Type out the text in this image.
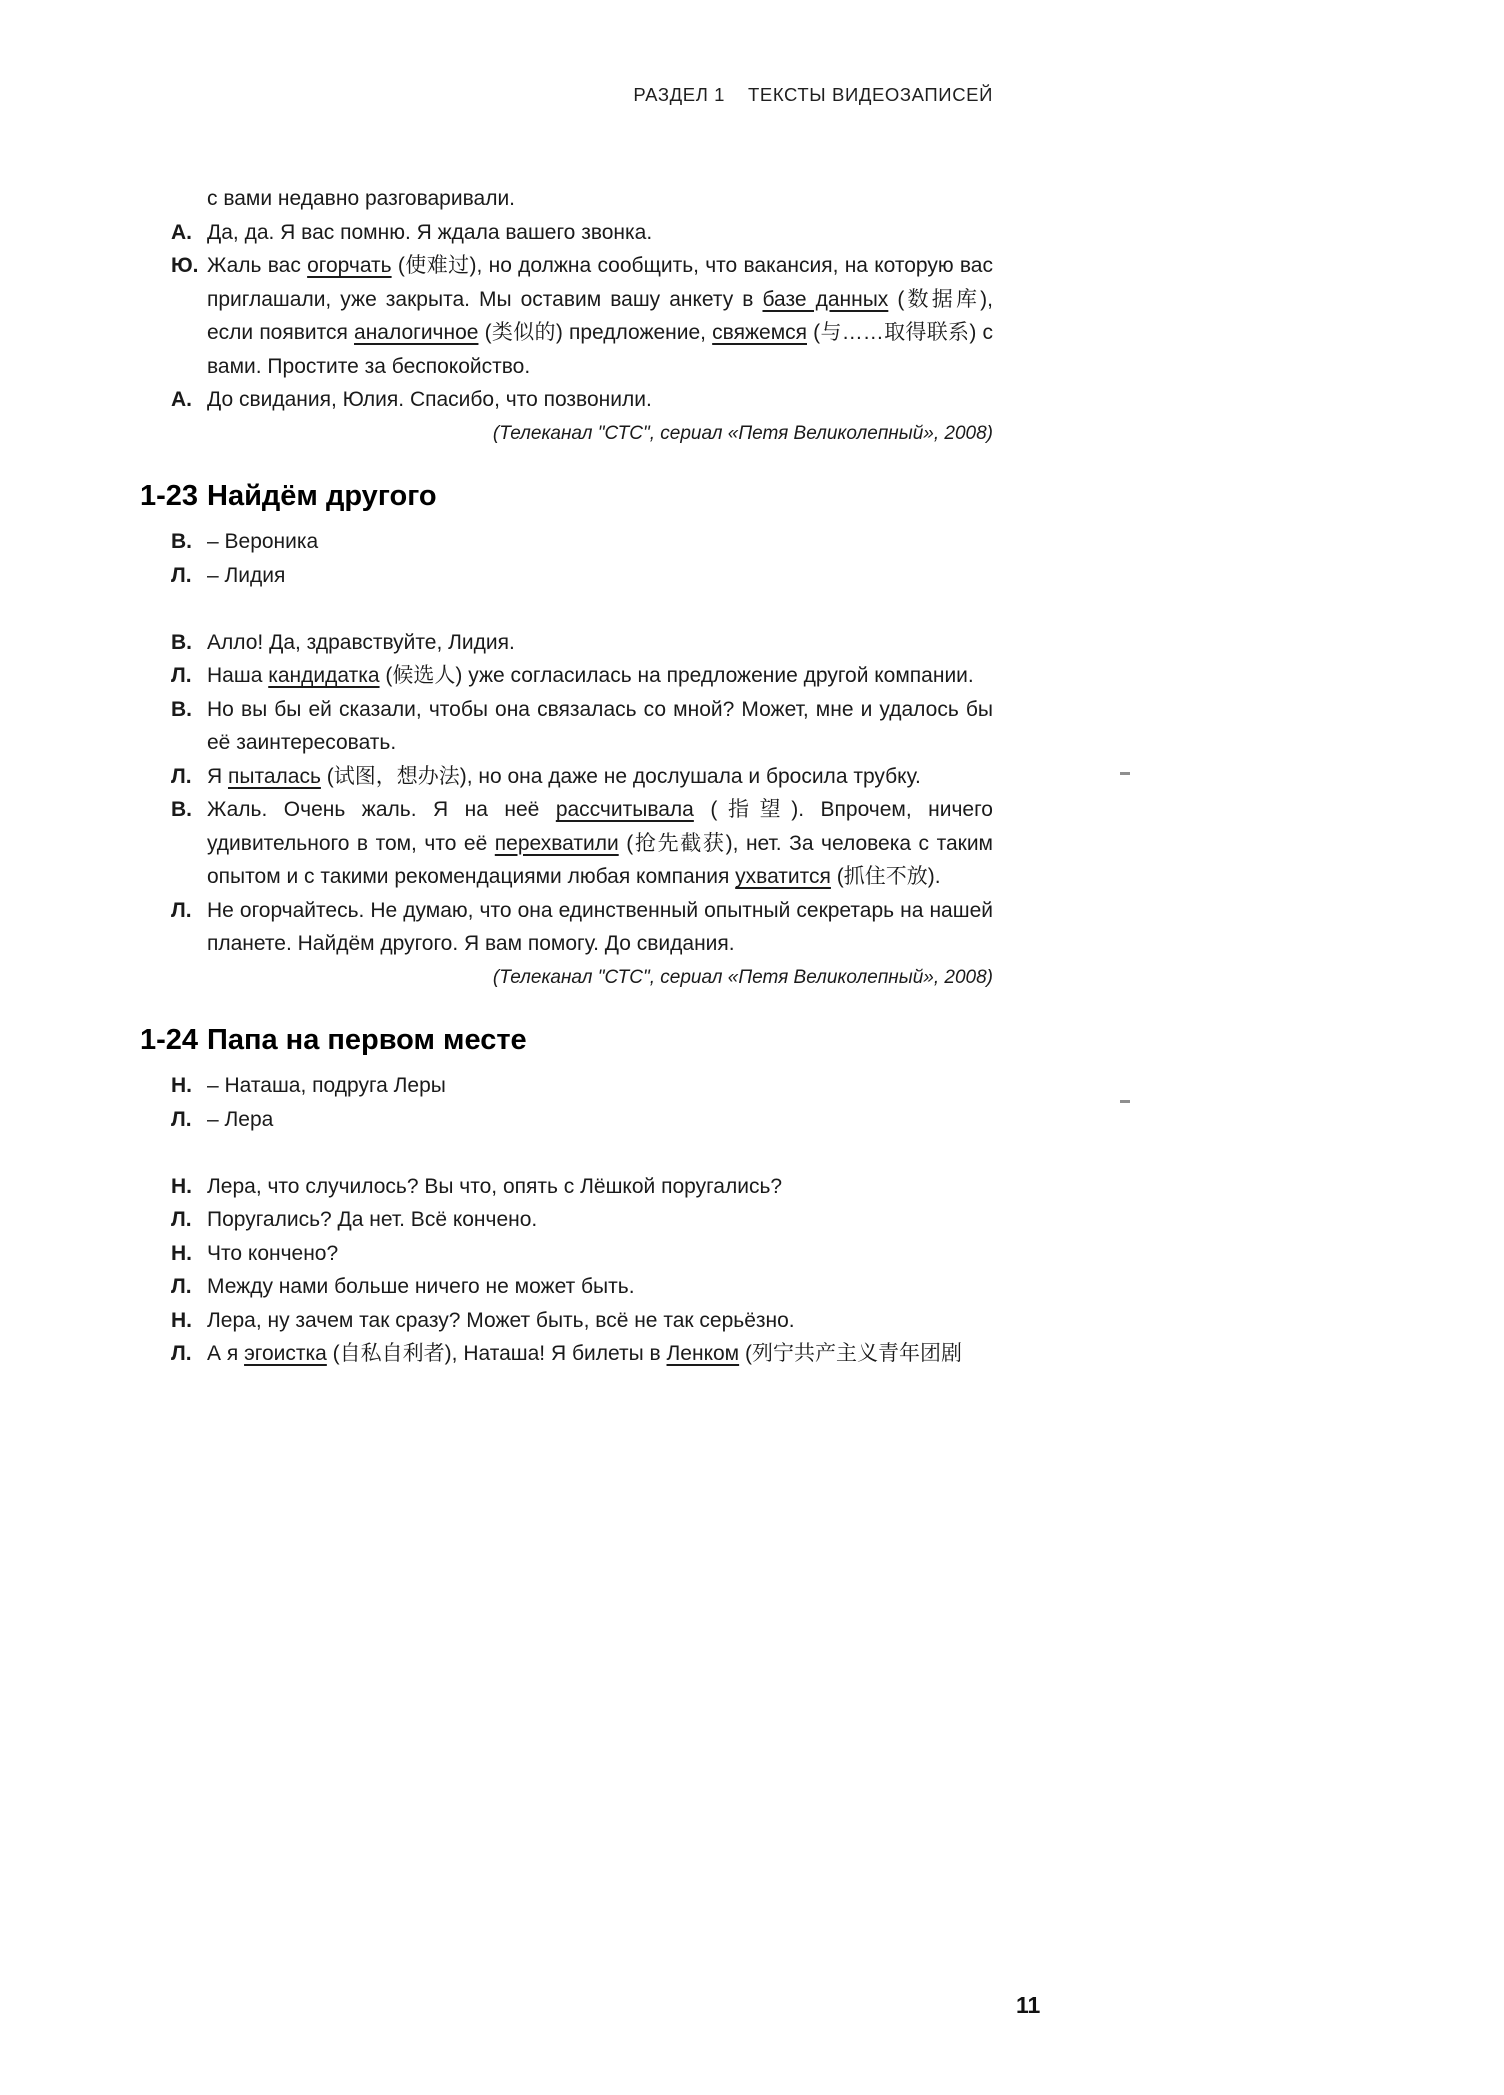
РАЗДЕЛ 1    ТЕКСТЫ ВИДЕОЗАПИСЕЙ
с вами недавно разговаривали.
А. Да, да. Я вас помню. Я ждала вашего звонка.
Ю. Жаль вас огорчать (使难过), но должна сообщить, что вакансия, на которую вас приглашали, уже закрыта. Мы оставим вашу анкету в базе данных (数据库), если появится аналогичное (类似的) предложение, свяжемся (与……取得联系) с вами. Простите за беспокойство.
А. До свидания, Юлия. Спасибо, что позвонили.
(Телеканал "СТС", сериал «Петя Великолепный», 2008)
1-23 Найдём другого
В. – Вероника
Л. – Лидия
В. Алло! Да, здравствуйте, Лидия.
Л. Наша кандидатка (候选人) уже согласилась на предложение другой компании.
В. Но вы бы ей сказали, чтобы она связалась со мной? Может, мне и удалось бы её заинтересовать.
Л. Я пыталась (试图，想办法), но она даже не дослушала и бросила трубку.
В. Жаль. Очень жаль. Я на неё рассчитывала (指望). Впрочем, ничего удивительного в том, что её перехватили (抢先截获), нет. За человека с таким опытом и с такими рекомендациями любая компания ухватится (抓住不放).
Л. Не огорчайтесь. Не думаю, что она единственный опытный секретарь на нашей планете. Найдём другого. Я вам помогу. До свидания.
(Телеканал "СТС", сериал «Петя Великолепный», 2008)
1-24 Папа на первом месте
Н. – Наташа, подруга Леры
Л. – Лера
Н. Лера, что случилось? Вы что, опять с Лёшкой поругались?
Л. Поругались? Да нет. Всё кончено.
Н. Что кончено?
Л. Между нами больше ничего не может быть.
Н. Лера, ну зачем так сразу? Может быть, всё не так серьёзно.
Л. А я эгоистка (自私自利者), Наташа! Я билеты в Ленком (列宁共产主义青年团剧
11
